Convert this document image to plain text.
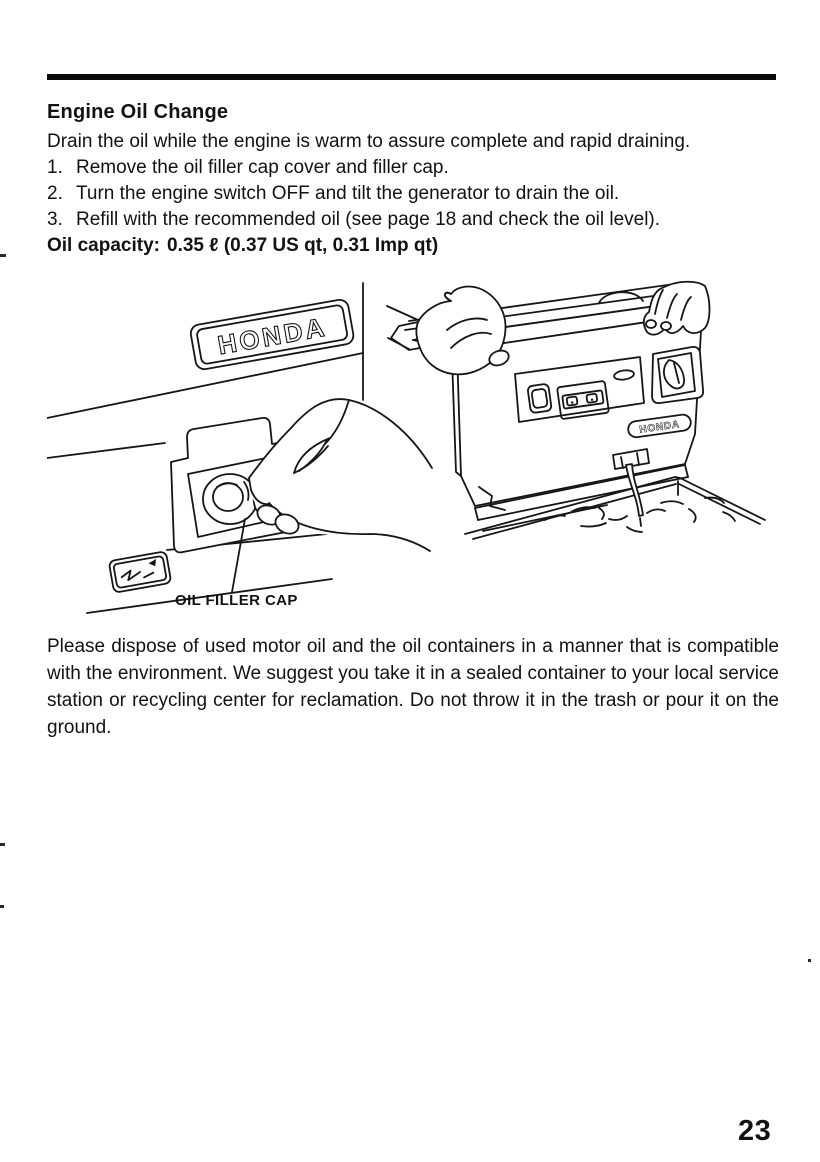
Engine Oil Change

Drain the oil while the engine is warm to assure complete and rapid draining.

1. Remove the oil filler cap cover and filler cap.
2. Turn the engine switch OFF and tilt the generator to drain the oil.
3. Refill with the recommended oil (see page 18 and check the oil level).

Oil capacity: 0.35 ℓ (0.37 US qt, 0.31 Imp qt)

HONDA
HONDA
OIL FILLER CAP

Please dispose of used motor oil and the oil containers in a manner that is compatible with the environment. We suggest you take it in a sealed container to your local service station or recycling center for reclamation. Do not throw it in the trash or pour it on the ground.

23
